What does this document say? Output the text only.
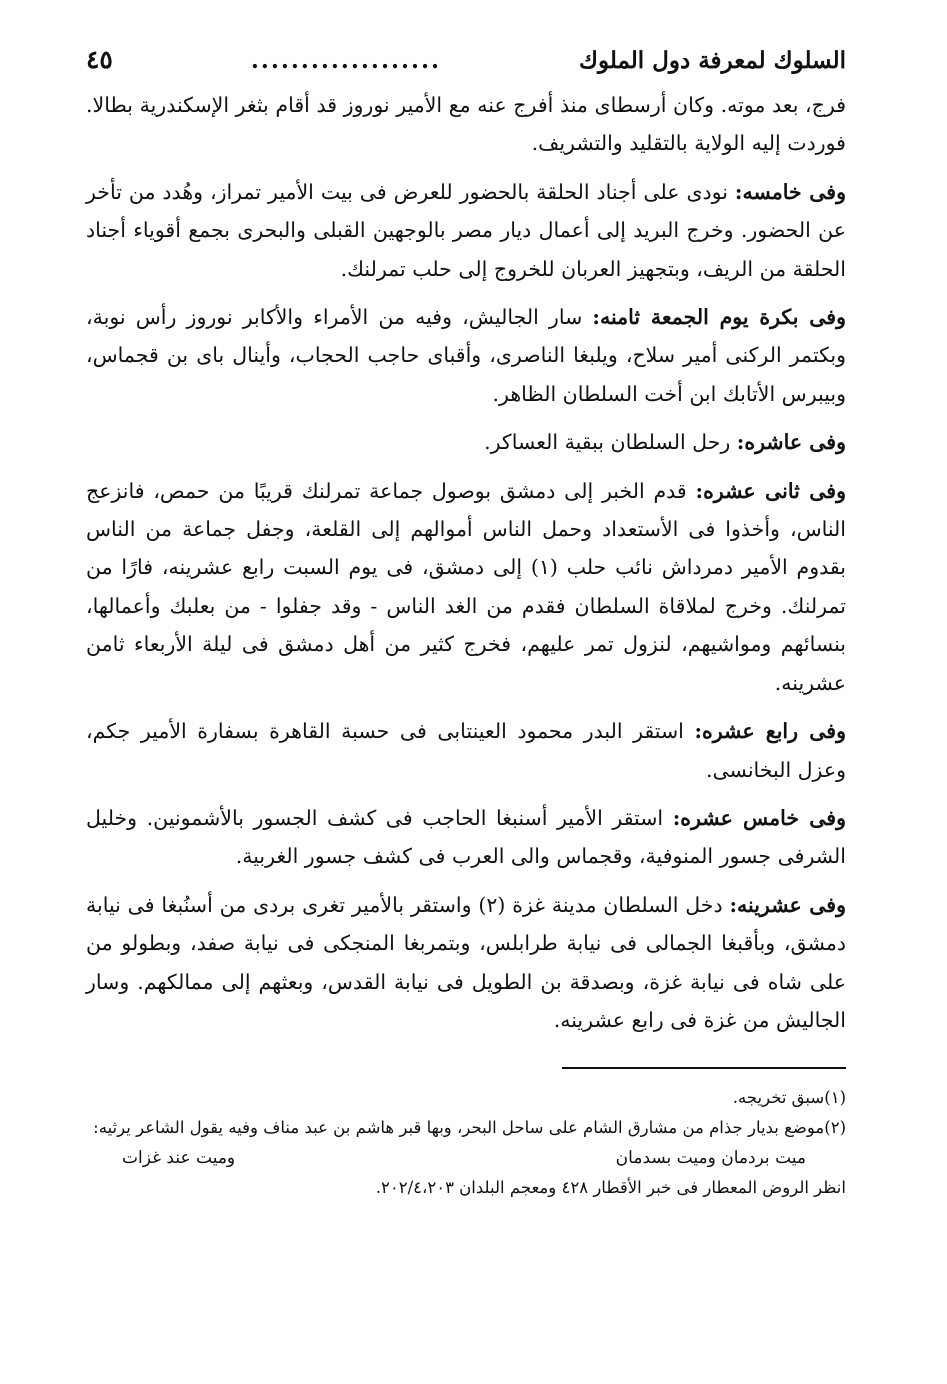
السلوك لمعرفة دول الملوك
...................
٤٥

فرج، بعد موته. وكان أرسطاى منذ أفرج عنه مع الأمير نوروز قد أقام بثغر الإسكندرية بطالا. فوردت إليه الولاية بالتقليد والتشريف.

وفى خامسه: نودى على أجناد الحلقة بالحضور للعرض فى بيت الأمير تمراز، وهُدد من تأخر عن الحضور. وخرج البريد إلى أعمال ديار مصر بالوجهين القبلى والبحرى بجمع أقوياء أجناد الحلقة من الريف، وبتجهيز العربان للخروج إلى حلب تمرلنك.

وفى بكرة يوم الجمعة ثامنه: سار الجاليش، وفيه من الأمراء والأكابر نوروز رأس نوبة، وبكتمر الركنى أمير سلاح، ويلبغا الناصرى، وأقباى حاجب الحجاب، وأينال باى بن قجماس، وبيبرس الأتابك ابن أخت السلطان الظاهر.

وفى عاشره: رحل السلطان ببقية العساكر.

وفى ثانى عشره: قدم الخبر إلى دمشق بوصول جماعة تمرلنك قريبًا من حمص، فانزعج الناس، وأخذوا فى الأستعداد وحمل الناس أموالهم إلى القلعة، وجفل جماعة من الناس بقدوم الأمير دمرداش نائب حلب (١) إلى دمشق، فى يوم السبت رابع عشرينه، فارًا من تمرلنك. وخرج لملاقاة السلطان فقدم من الغد الناس - وقد جفلوا - من بعلبك وأعمالها، بنسائهم ومواشيهم، لنزول تمر عليهم، فخرج كثير من أهل دمشق فى ليلة الأربعاء ثامن عشرينه.

وفى رابع عشره: استقر البدر محمود العينتابى فى حسبة القاهرة بسفارة الأمير جكم، وعزل البخانسى.

وفى خامس عشره: استقر الأمير أسنبغا الحاجب فى كشف الجسور بالأشمونين. وخليل الشرفى جسور المنوفية، وقجماس والى العرب فى كشف جسور الغربية.

وفى عشرينه: دخل السلطان مدينة غزة (٢) واستقر بالأمير تغرى بردى من أسنُبغا فى نيابة دمشق، وبأقبغا الجمالى فى نيابة طرابلس، وبتمربغا المنجكى فى نيابة صفد، وبطولو من على شاه فى نيابة غزة، وبصدقة بن الطويل فى نيابة القدس، وبعثهم إلى ممالكهم. وسار الجاليش من غزة فى رابع عشرينه.

(١)سبق تخريجه.

(٢)موضع بديار جذام من مشارق الشام على ساحل البحر، وبها قبر هاشم بن عبد مناف وفيه يقول الشاعر يرثيه:

ميت بردمان وميت بسدمان
وميت عند غزات

انظر الروض المعطار فى خبر الأقطار ٤٢٨ ومعجم البلدان ٢٠٢/٤،٢٠٣.
